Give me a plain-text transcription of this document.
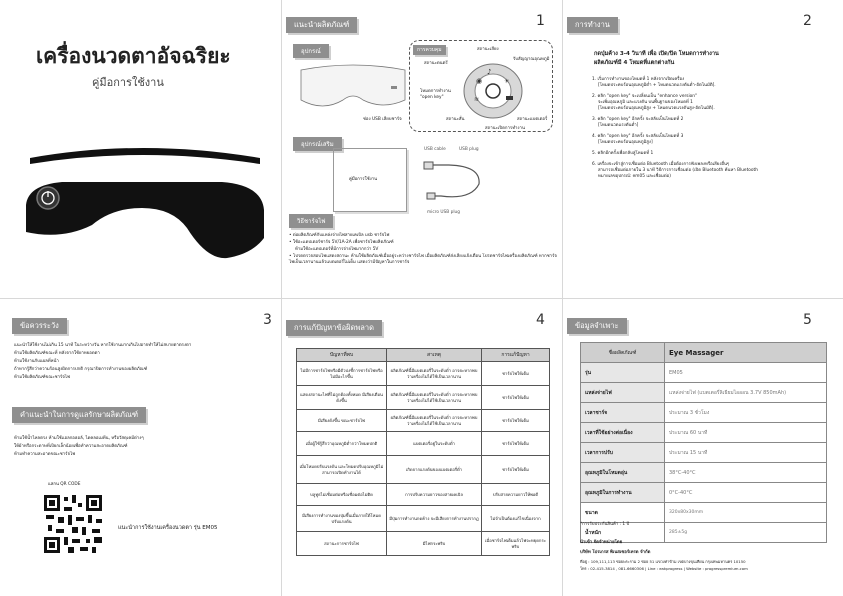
เครื่องนวดตาอัจฉริยะ
คู่มือการใช้งาน
แนะนำผลิตภัณฑ์	1
อุปกรณ์
ช่อง USB เสียบชาร์จ
การควบคุม
♪
◉	☀
≋
สถานะเสียง
สถานะดนตรี
รับสัญญาณอุณหภูมิ
โหมดการทำงาน "open key"
สถานะสั่น	สถานะแบตเตอรี่
สถานะเปิดการทำงาน
อุปกรณ์เสริม
คู่มือการใช้งาน
USB cable	USB plug
micro USB plug
วิธีชาร์จไฟ
• ต่อผลิตภัณฑ์กับแหล่งจ่ายไฟสายเคเบิล usb ชาร์จไฟ
• ใช้อะแดปเตอร์ชาร์จ 5V/1A-2A เพื่อชาร์จไฟผลิตภัณฑ์
ห้ามใช้อะแดปเตอร์ที่มีการจ่ายไฟมากกว่า 5V
• โปรดตรวจสอบไฟแสดงสถานะ ห้ามใช้ผลิตภัณฑ์เมื่ออยู่ระหว่างชาร์จไฟ เมื่อผลิตภัณฑ์ส่งเสียงแจ้งเตือน โปรดชาร์จไฟเครื่องผลิตภัณฑ์ หากชาร์จไฟเป็นเวลานานแล้วแบตเตอรี่ไม่เต็ม แสดงว่ามีปัญหาในการชาร์จ
การทำงาน	2
กดปุ่มค้าง 3-4 วินาที เพื่อ เปิด/ปิด โหมดการทำงาน
ผลิตภัณฑ์มี 4 โหมดที่แตกต่างกัน
1. เริ่มการทำงานของโหมดที่ 1 หลังจากเปิดเครื่อง
[โหมดประคบร้อนอุณหภูมิต่ำ + โหมดนวดแรงดันต่ำ-อัตโนมัติ].
2. คลิก "open key" จะเปลี่ยนเป็น "enhance version"
จะเพิ่มอุณหภูมิ และแรงดัน บนพื้นฐานของโหมดที่ 1
[โหมดประคบร้อนอุณหภูมิสูง + โหมดนวดแรงดันสูง-อัตโนมัติ].
3. คลิก "open key" อีกครั้ง จะสลับเป็นโหมดที่ 2
[โหมดนวดแรงดันต่ำ]
4. คลิก "open key" อีกครั้ง จะสลับเป็นโหมดที่ 3
[โหมดประคบร้อนอุณหภูมิสูง]
5. คลิกอีกครั้งเพื่อกลับสู่โหมดที่ 1
6. เครื่องจะเข้าสู่การเชื่อมต่อ Bluetooth เมื่อต้องการฟังเพลงหรือเสียงอื่นๆ
สามารถเชื่อมต่อภายใน 3 นาที วิธีการการเชื่อมต่อ (เปิด Bluetooth ค้นหา Bluetooth
หมายเลขอุปกรณ์: em05 และเชื่อมต่อ)
ข้อควรระวัง	3
แนะนำให้ใช้งานไม่เกิน 15 นาที ในระหว่างวัน หากใช้งานมากเกินไปอาจทำให้ไม่สบายตาตรงตา
ห้ามใช้ผลิตภัณฑ์ขณะที่ หลังจากใช้ยาหยอดตา
ห้ามใช้งานกับแผลที่หน้า
ถ้าหากรู้สึกว่าความร้อนสูงผิดการปกติ กรุณาปิดการทำงานของผลิตภัณฑ์
ห้ามใช้ผลิตภัณฑ์ขณะชาร์จไฟ
คำแนะนำในการดูแลรักษาผลิตภัณฑ์
ห้ามใช้น้ำไหลตรง ห้ามใช้แอลกอฮอล์, ไดคลอเมทีน, หรือวัสดุเคมีต่างๆ
ให้ผ้าหรือกระดาษที่เปียกเล็กน้อยเพื่อทำความสะอาดผลิตภัณฑ์
ห้ามทำความสะอาดขณะชาร์จไฟ
แสกน QR CODE
แนะนำการใช้งานเครื่องนวดตา รุ่น EM05
การแก้ปัญหาข้อผิดพลาด	4
ปัญหาที่พบ	สาเหตุ	การแก้ปัญหา
ไม่มีการชาร์จไฟหรือมีตัวบ่งชี้การชาร์จไฟหรือไม่มีอะไรขึ้น	ผลิตภัณฑ์นี้มีแบตเตอรี่ในระดับต่ำ อาจจะหากพบว่าเครื่องไม่ได้ใช้เป็นเวลานาน	ชาร์จไฟให้เต็ม
แสดงสถานะไฟที่ไม่ถูกต้องทั้งหมด มีเสียงเตือน ดังขึ้น	ผลิตภัณฑ์นี้มีแบตเตอรี่ในระดับต่ำ อาจจะหากพบว่าเครื่องไม่ได้ใช้เป็นเวลานาน	ชาร์จไฟให้เต็ม
มีเสียงดังขึ้น ขณะชาร์จไฟ	ผลิตภัณฑ์นี้มีแบตเตอรี่ในระดับต่ำ อาจจะหากพบว่าเครื่องไม่ได้ใช้เป็นเวลานาน	ชาร์จไฟให้เต็ม
เมื่อผู้ใช้รู้สึกว่าอุณหภูมิต่ำกว่าโหมดปกติ	แบตเตอรี่อยู่ในระดับต่ำ	ชาร์จไฟให้เต็ม
เมื่อโหมดปรับแรงดัน และโหมดปรับอุณหภูมิไม่สามารถเปิดทำงานได้	เกิดจากแรงดันของแบตเตอรี่ต่ำ	ชาร์จไฟให้เต็ม
บลูทูธไม่เชื่อมต่อหรือเชื่อมต่อไม่ติด	การปรับความยาวของสายเคเบิล	ปรับสายความยาวให้พอดี
มีเสียงการทำงานของปุ่มขึ้นเมื่อภายใต้โหมดปรับแรงดัน	มีปุ่มการทำงานกดค้าง จะมีเสียงการทำงานปรากฏ	ไม่จำเป็นต้องแก้ไขเนื่องจาก
สถานะการชาร์จไฟ	มีไฟกระพริบ	เมื่อชาร์จไฟเต็มแล้วไฟจะหยุดกระพริบ
ข้อมูลจำเพาะ	5
ชื่อผลิตภัณฑ์	Eye Massager
รุ่น	EM05
แหล่งจ่ายไฟ	แหล่งจ่ายไฟ (แบตเตอรี่ลิเธียมไอออน 3.7V 850mAh)
เวลาชาร์จ	ประมาณ 3 ชั่วโมง
เวลาที่ใช้อย่างต่อเนื่อง	ประมาณ 60 นาที
เวลาการปรับ	ประมาณ 15 นาที
อุณหภูมิในโหมดอุ่น	38°C-40°C
อุณหภูมิในการทำงาน	0°C-40°C
ขนาด	320x80x30mm
น้ำหนัก	285±5g
*การรับประกันสินค้า : 1 ปี
นำเข้า จัดจำหน่ายโดย
บริษัท โปรเกรส พิเนสเซอร์เทรด จำกัด
ที่อยู่ : 109,111,113 ซอยพระราม 2 ซอย 51 แขวงท่าข้าม เขตบางขุนเทียน กรุงเทพมหานคร 10150
โทร : 02-415-3814 , 081-6660306 | Line : eakprogress | Website : progresspremium.com
